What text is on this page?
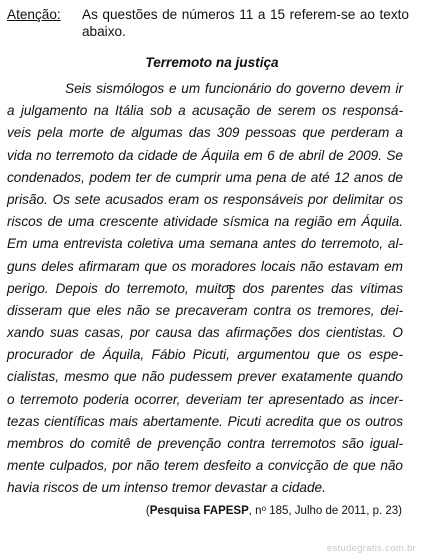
Atenção: As questões de números 11 a 15 referem-se ao texto abaixo.
Terremoto na justiça
Seis sismólogos e um funcionário do governo devem ir
a julgamento na Itália sob a acusação de serem os responsá-
veis pela morte de algumas das 309 pessoas que perderam a
vida no terremoto da cidade de Áquila em 6 de abril de 2009. Se
condenados, podem ter de cumprir uma pena de até 12 anos de
prisão. Os sete acusados eram os responsáveis por delimitar os
riscos de uma crescente atividade sísmica na região em Áquila.
Em uma entrevista coletiva uma semana antes do terremoto, al-
guns deles afirmaram que os moradores locais não estavam em
perigo. Depois do terremoto, muitos dos parentes das vítimas
disseram que eles não se precaveram contra os tremores, dei-
xando suas casas, por causa das afirmações dos cientistas. O
procurador de Áquila, Fábio Picuti, argumentou que os espe-
cialistas, mesmo que não pudessem prever exatamente quando
o terremoto poderia ocorrer, deveriam ter apresentado as incer-
tezas científicas mais abertamente. Picuti acredita que os outros
membros do comitê de prevenção contra terremotos são igual-
mente culpados, por não terem desfeito a convicção de que não
havia riscos de um intenso tremor devastar a cidade.
(Pesquisa FAPESP, $n^o$ 185, Julho de 2011, p. 23)
estudegratis.com.br
